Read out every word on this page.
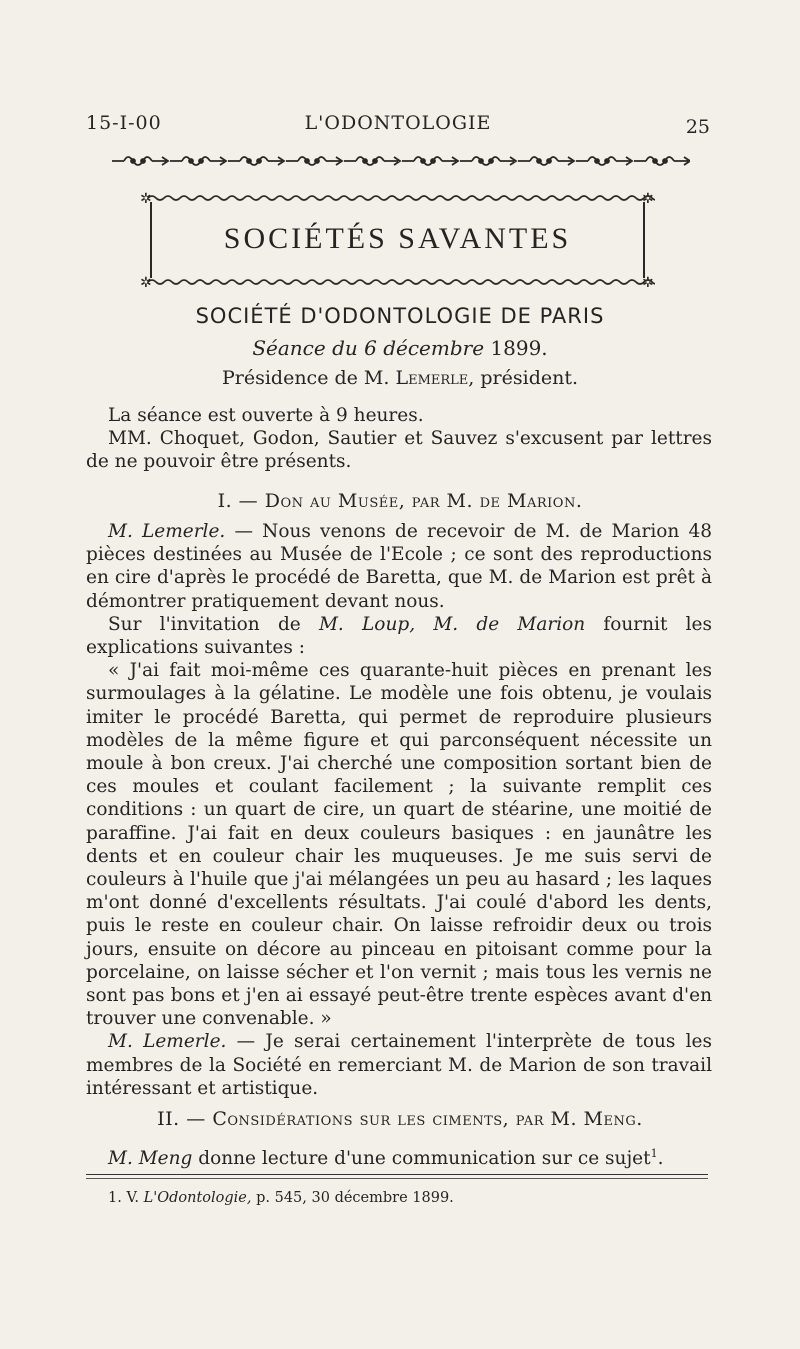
15-I-00	L'ODONTOLOGIE	25
✲	✲
SOCIÉTÉS SAVANTES
✲	✲
SOCIÉTÉ D'ODONTOLOGIE DE PARIS
Séance du 6 décembre 1899.
Présidence de M. Lemerle, président.

La séance est ouverte à 9 heures.

MM. Choquet, Godon, Sautier et Sauvez s'excusent par lettres de ne pouvoir être présents.

I. — Don au Musée, par M. de Marion.

M. Lemerle. — Nous venons de recevoir de M. de Marion 48 pièces destinées au Musée de l'Ecole ; ce sont des reproductions en cire d'après le procédé de Baretta, que M. de Marion est prêt à démontrer pratiquement devant nous.

Sur l'invitation de M. Loup, M. de Marion fournit les explications suivantes :

« J'ai fait moi-même ces quarante-huit pièces en prenant les surmoulages à la gélatine. Le modèle une fois obtenu, je voulais imiter le procédé Baretta, qui permet de reproduire plusieurs modèles de la même figure et qui parconséquent nécessite un moule à bon creux. J'ai cherché une composition sortant bien de ces moules et coulant facilement ; la suivante remplit ces conditions : un quart de cire, un quart de stéarine, une moitié de paraffine. J'ai fait en deux couleurs basiques : en jaunâtre les dents et en couleur chair les muqueuses. Je me suis servi de couleurs à l'huile que j'ai mélangées un peu au hasard ; les laques m'ont donné d'excellents résultats. J'ai coulé d'abord les dents, puis le reste en couleur chair. On laisse refroidir deux ou trois jours, ensuite on décore au pinceau en pitoisant comme pour la porcelaine, on laisse sécher et l'on vernit ; mais tous les vernis ne sont pas bons et j'en ai essayé peut-être trente espèces avant d'en trouver une convenable. »

M. Lemerle. — Je serai certainement l'interprète de tous les membres de la Société en remerciant M. de Marion de son travail intéressant et artistique.

II. — Considérations sur les ciments, par M. Meng.

M. Meng donne lecture d'une communication sur ce sujet$^1$.

1. V. L'Odontologie, p. 545, 30 décembre 1899.
